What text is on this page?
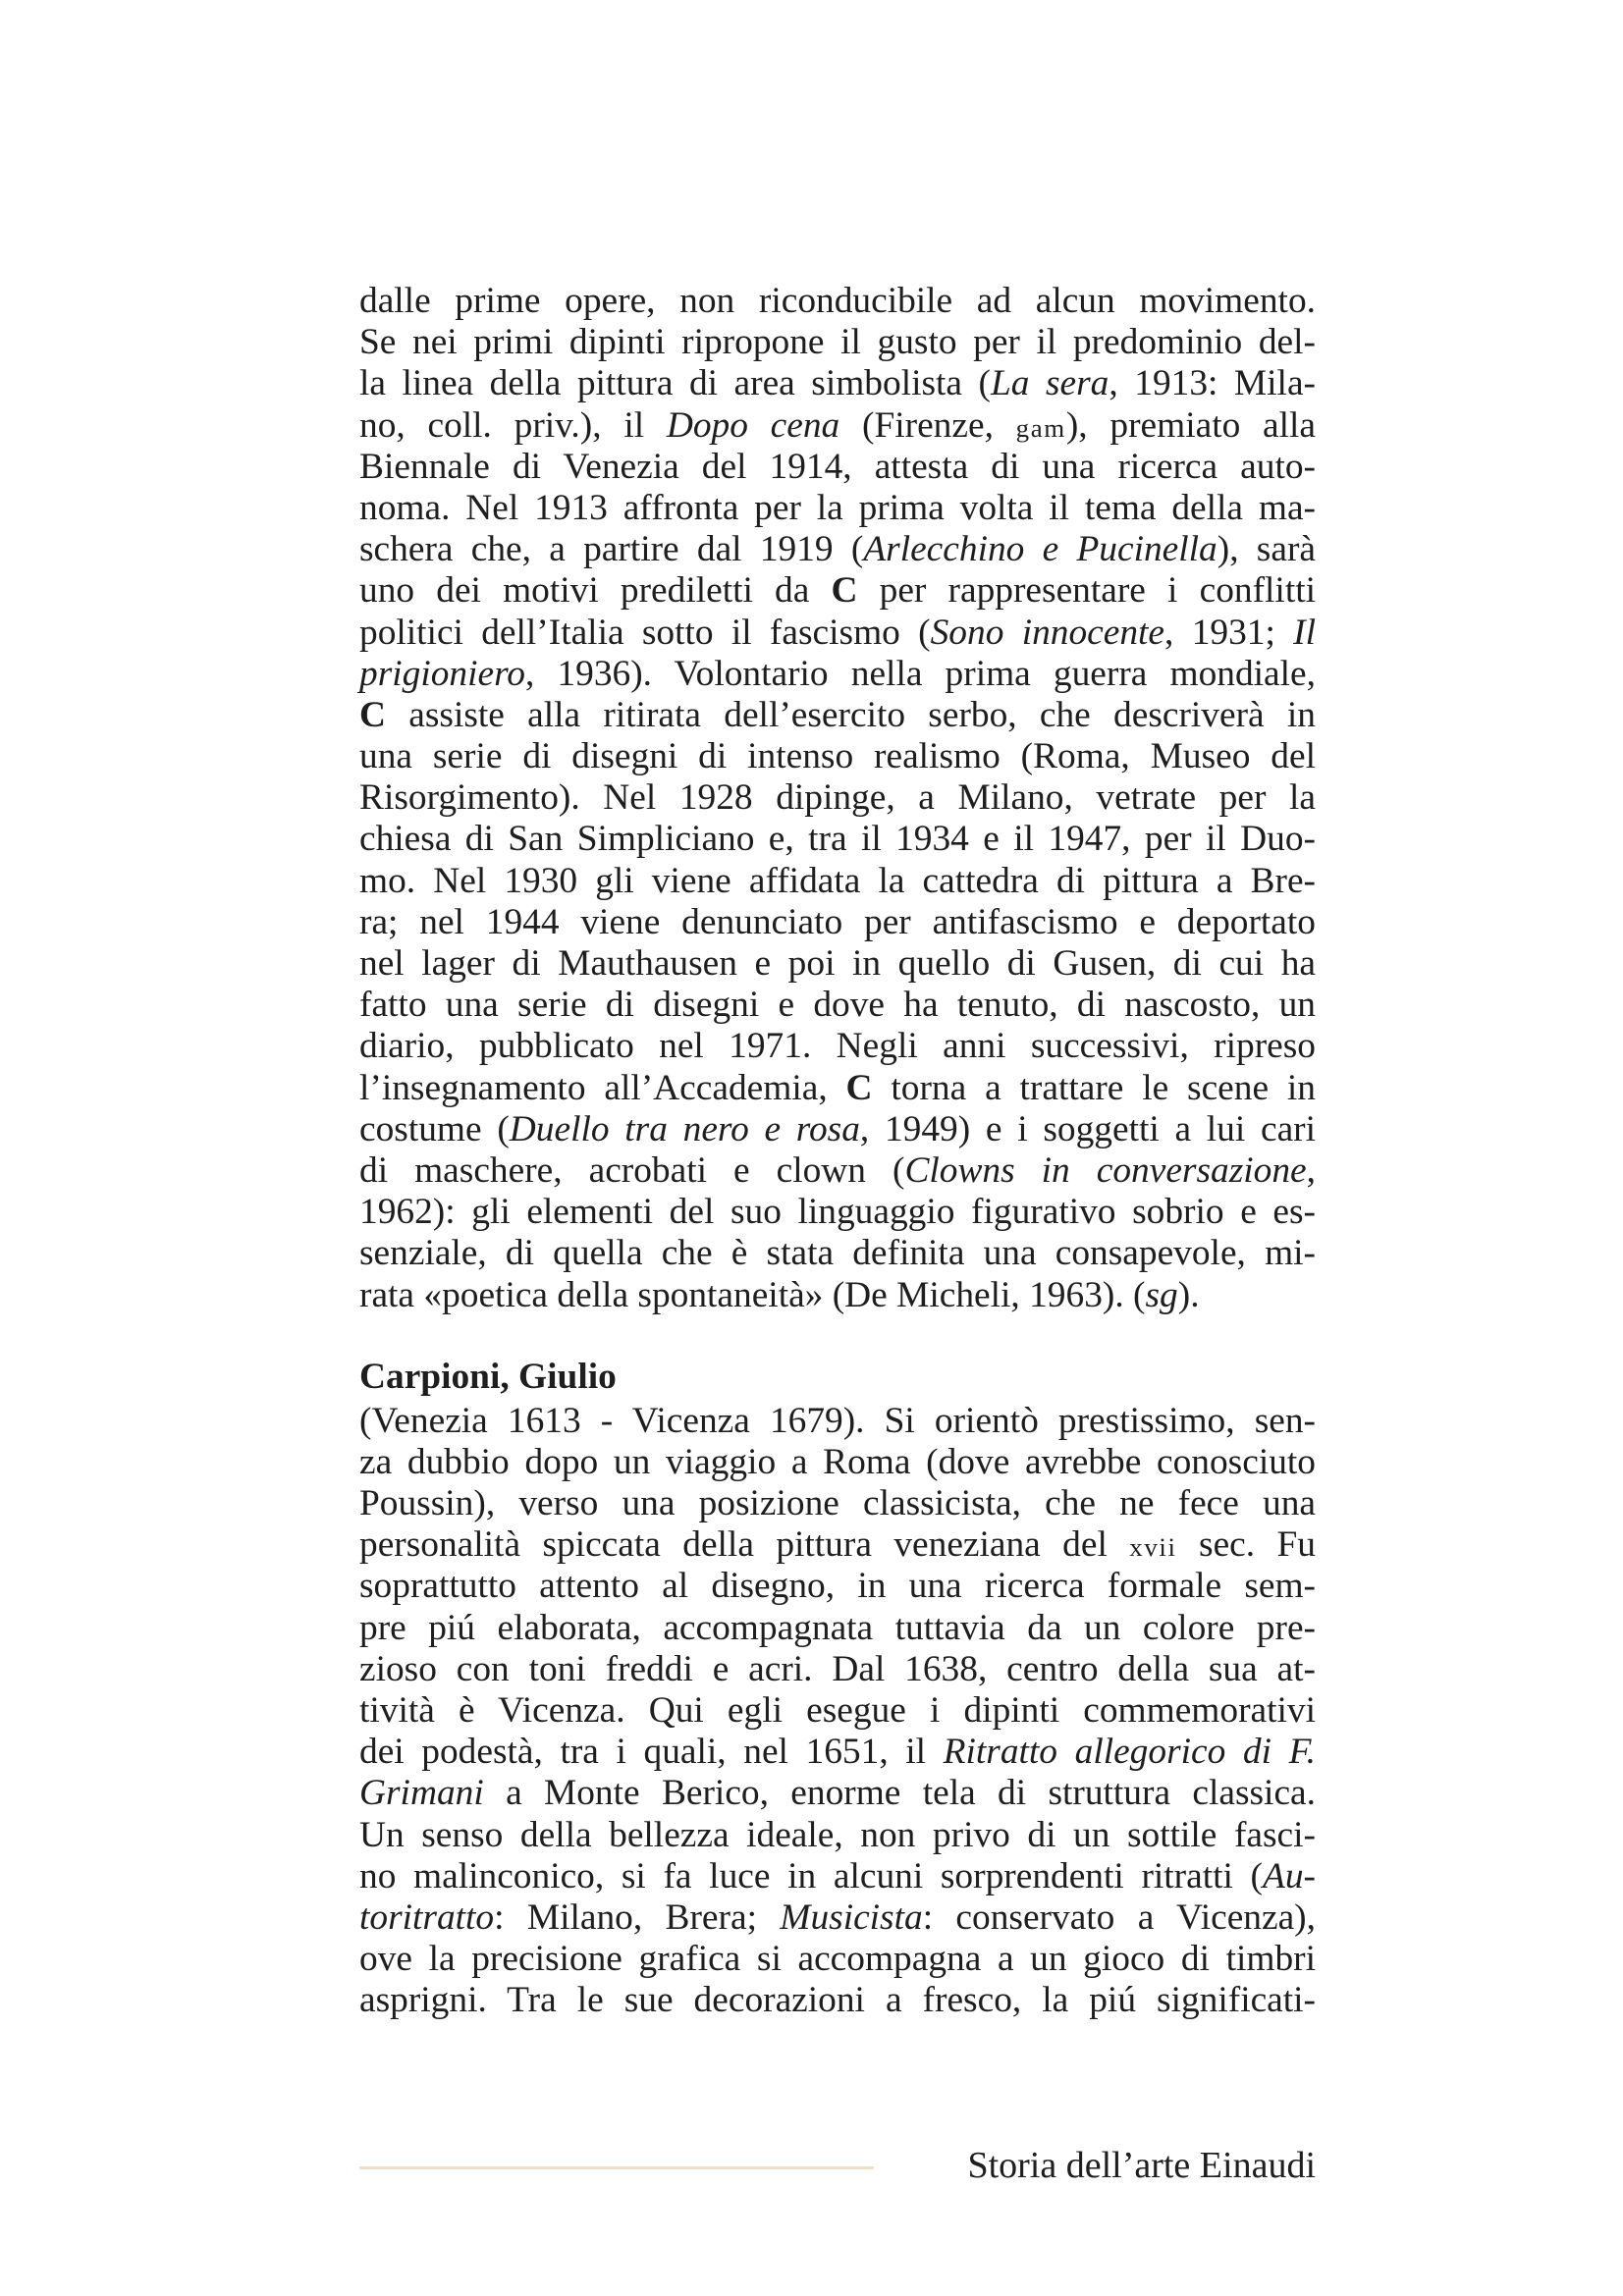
dalle prime opere, non riconducibile ad alcun movimento.
Se nei primi dipinti ripropone il gusto per il predominio del-
la linea della pittura di area simbolista (La sera, 1913: Mila-
no, coll. priv.), il Dopo cena (Firenze, gam), premiato alla
Biennale di Venezia del 1914, attesta di una ricerca auto-
noma. Nel 1913 affronta per la prima volta il tema della ma-
schera che, a partire dal 1919 (Arlecchino e Pucinella), sarà
uno dei motivi prediletti da C per rappresentare i conflitti
politici dell’Italia sotto il fascismo (Sono innocente, 1931; Il
prigioniero, 1936). Volontario nella prima guerra mondiale,
C assiste alla ritirata dell’esercito serbo, che descriverà in
una serie di disegni di intenso realismo (Roma, Museo del
Risorgimento). Nel 1928 dipinge, a Milano, vetrate per la
chiesa di San Simpliciano e, tra il 1934 e il 1947, per il Duo-
mo. Nel 1930 gli viene affidata la cattedra di pittura a Bre-
ra; nel 1944 viene denunciato per antifascismo e deportato
nel lager di Mauthausen e poi in quello di Gusen, di cui ha
fatto una serie di disegni e dove ha tenuto, di nascosto, un
diario, pubblicato nel 1971. Negli anni successivi, ripreso
l’insegnamento all’Accademia, C torna a trattare le scene in
costume (Duello tra nero e rosa, 1949) e i soggetti a lui cari
di maschere, acrobati e clown (Clowns in conversazione,
1962): gli elementi del suo linguaggio figurativo sobrio e es-
senziale, di quella che è stata definita una consapevole, mi-
rata «poetica della spontaneità» (De Micheli, 1963). (sg).

Carpioni, Giulio

(Venezia 1613 - Vicenza 1679). Si orientò prestissimo, sen-
za dubbio dopo un viaggio a Roma (dove avrebbe conosciuto
Poussin), verso una posizione classicista, che ne fece una
personalità spiccata della pittura veneziana del xvii sec. Fu
soprattutto attento al disegno, in una ricerca formale sem-
pre piú elaborata, accompagnata tuttavia da un colore pre-
zioso con toni freddi e acri. Dal 1638, centro della sua at-
tività è Vicenza. Qui egli esegue i dipinti commemorativi
dei podestà, tra i quali, nel 1651, il Ritratto allegorico di F.
Grimani a Monte Berico, enorme tela di struttura classica.
Un senso della bellezza ideale, non privo di un sottile fasci-
no malinconico, si fa luce in alcuni sorprendenti ritratti (Au-
toritratto: Milano, Brera; Musicista: conservato a Vicenza),
ove la precisione grafica si accompagna a un gioco di timbri
asprigni. Tra le sue decorazioni a fresco, la piú significati-

Storia dell’arte Einaudi
